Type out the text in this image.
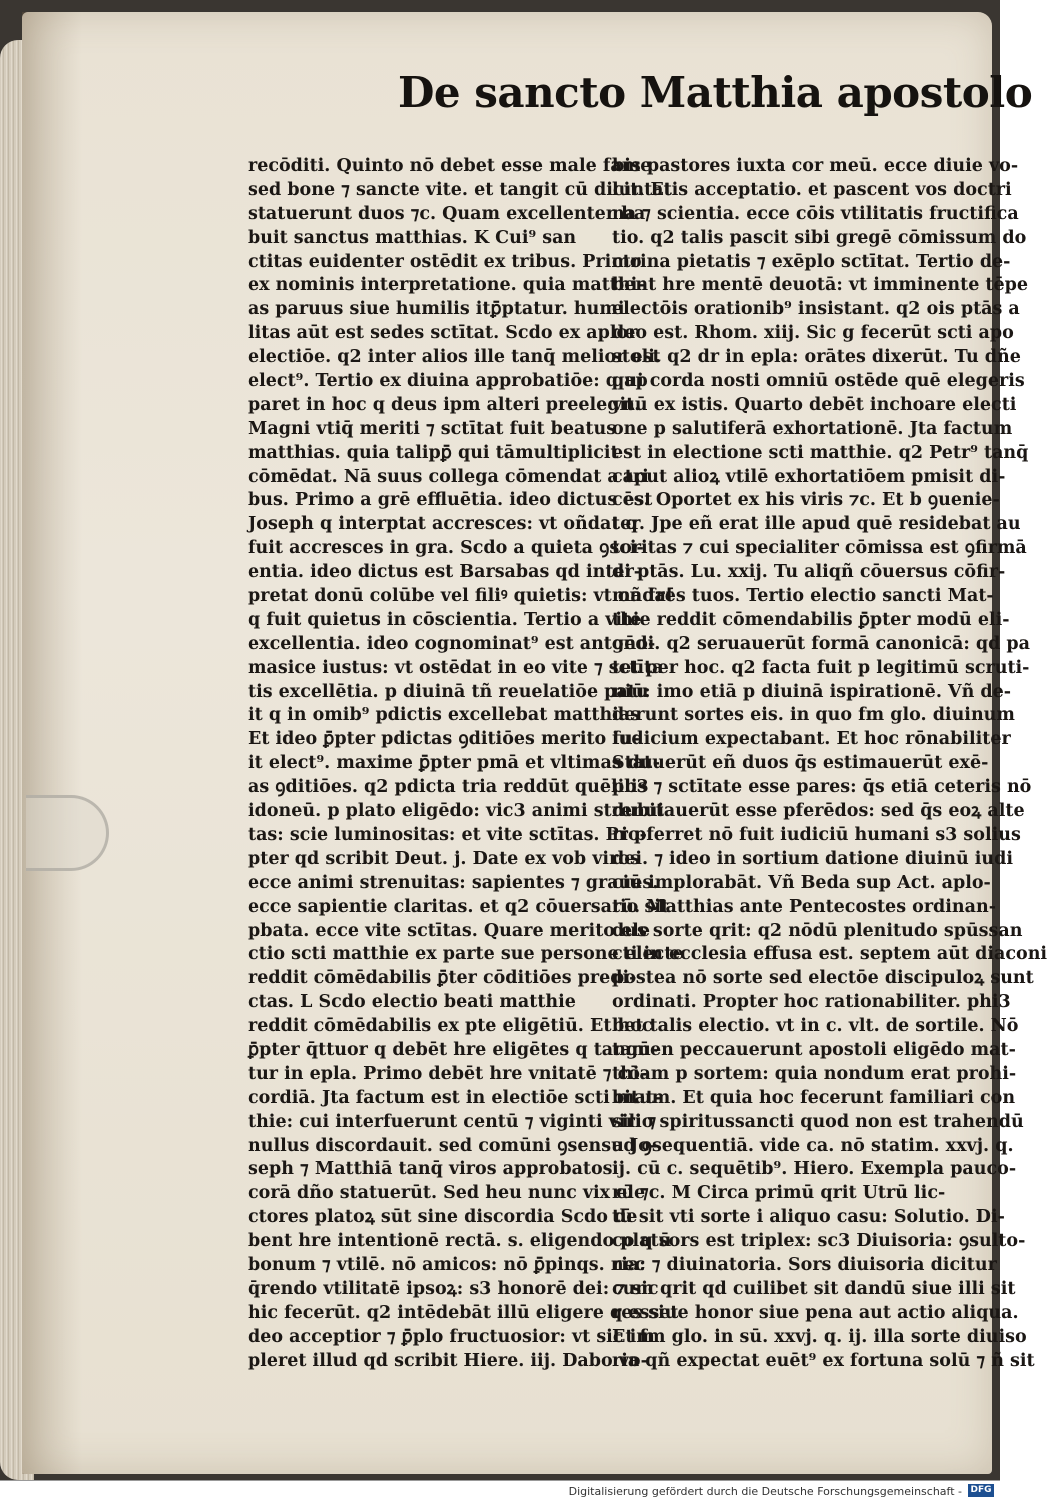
De sancto Matthia apostolo
recōditi. Quinto nō debet esse male fame
sed bone ⁊ sancte vite. et tangit cū dicit. Et
statuerunt duos ⁊c. Quam excellenter ha
buit sanctus matthias. K Cui⁹ san
ctitas euidenter ostēdit ex tribus. Primo
ex nominis interpretatione. quia matthi-
as paruus siue humilis itꝑ̄ptatur. humi
litas aūt est sedes sctītat. Scdo ex aplor
electiōe. q2 inter alios ille tanq̄ melior est
elect⁹. Tertio ex diuina approbatiōe: q ap
paret in hoc q deus ipm alteri preelegit.
Magni vtiq̄ meriti ⁊ sctītat fuit beatus
matthias. quia talipꝑ̄ qui tāmultiplicit
cōmēdat. Nā suus collega cōmendat a tri
bus. Primo a grē effluētia. ideo dictus est
Joseph q interptat accresces: vt oñdat q
fuit accresces in gra. Scdo a quieta ꝯsci-
entia. ideo dictus est Barsabas qd inter-
pretat donū colūbe vel filiꝰ quietis: vt oñdat
q fuit quietus in cōscientia. Tertio a vite
excellentia. ideo cognominat⁹ est antono-
masice iustus: vt ostēdat in eo vite ⁊ sctīta
tis excellētia. p diuinā tñ reuelatiōe patu
it q in omib⁹ pdictis excellebat matthias
Et ideo ꝑ̄pter pdictas ꝯditiōes merito fu-
it elect⁹. maxime ꝑ̄pter pmā et vltimas du-
as ꝯditiōes. q2 pdicta tria reddūt quēlib3
idoneū. p plato eligēdo: vic3 animi strenui
tas: scie luminositas: et vite sctītas. Pro-
pter qd scribit Deut. j. Date ex vob viros
ecce animi strenuitas: sapientes ⁊ graues.
ecce sapientie claritas. et q2 cōuersatio sit
pbata. ecce vite sctītas. Quare merito ele
ctio scti matthie ex parte sue persone electe
reddit cōmēdabilis ꝑ̄ter cōditiōes predi-
ctas. L Scdo electio beati matthie
reddit cōmēdabilis ex pte eligētiū. Et hoc
ꝑ̄pter q̄ttuor q debēt hre eligētes q tangū-
tur in epla. Primo debēt hre vnitatē ⁊ cō-
cordiā. Jta factum est in electiōe scti mat-
thie: cui interfuerunt centū ⁊ viginti viri ⁊
nullus discordauit. sed comūni ꝯsensu Jo-
seph ⁊ Matthiā tanq̄ viros approbatos
corā dño statuerūt. Sed heu nunc vix ele
ctores platoꝝ sūt sine discordia Scdo de
bent hre intentionē rectā. s. eligendo platū
bonum ⁊ vtilē. nō amicos: nō ꝑ̄pinqs. nec
q̄rendo vtilitatē ipsoꝝ: s3 honorē dei: ⁊ sic
hic fecerūt. q2 intēdebāt illū eligere q esset
deo acceptior ⁊ ꝑ̄plo fructuosior: vt sic im
pleret illud qd scribit Hiere. iij. Dabo vo-
bis pastores iuxta cor meū. ecce diuie vo-
luntatis acceptatio. et pascent vos doctri
na ⁊ scientia. ecce cōis vtilitatis fructifica
tio. q2 talis pascit sibi gregē cōmissum do
ctrina pietatis ⁊ exēplo sctītat. Tertio de-
bent hre mentē deuotā: vt imminente tēpe
electōis orationib⁹ insistant. q2 ois ptās a
deo est. Rhom. xiij. Sic g fecerūt scti apo
stoli. q2 dr in epla: orātes dixerūt. Tu dñe
qui corda nosti omniū ostēde quē elegeris
vnū ex istis. Quarto debēt inchoare electi
one p salutiferā exhortationē. Jta factum
est in electione scti matthie. q2 Petr⁹ tanq̄
caput alioꝝ vtilē exhortatiōem pmisit di-
cēs. Oportet ex his viris ⁊c. Et b ꝯuenie-
ter. Jpe eñ erat ille apud quē residebat au
toritas ⁊ cui specialiter cōmissa est ꝯfirmā
di ptās. Lu. xxij. Tu aliqñ cōuersus cōfir-
ma frēs tuos. Tertio electio sancti Mat-
thie reddit cōmendabilis ꝑ̄pter modū eli-
gēdi. q2 seruauerūt formā canonicā: qd pa
tet per hoc. q2 facta fuit p legitimū scruti-
niū: imo etiā p diuinā ispirationē. Vñ de-
derunt sortes eis. in quo fm glo. diuinum
iudicium expectabant. Et hoc rōnabiliter
Statuerūt eñ duos q̄s estimauerūt exē-
plis ⁊ sctītate esse pares: q̄s etiā ceteris nō
dubitauerūt esse pferēdos: sed q̄s eoꝝ alte
ri pferret nō fuit iudiciū humani s3 solius
dei. ⁊ ideo in sortium datione diuinū iudi
ciū implorabāt. Vñ Beda sup Act. aplo-
rū. Matthias ante Pentecostes ordinan-
dus sorte qrit: q2 nōdū plenitudo spūssan
cti in ecclesia effusa est. septem aūt diaconi
postea nō sorte sed electōe discipuloꝝ sunt
ordinati. Propter hoc rationabiliter. phi3
bet talis electio. vt in c. vlt. de sortile. Nō
tamen peccauerunt apostoli eligēdo mat-
thiam p sortem: quia nondum erat prohi-
bitum. Et quia hoc fecerunt familiari con
silio spiritussancti quod non est trahendū
ad ꝯsequentiā. vide ca. nō statim. xxvj. q.
ij. cū c. sequētib⁹. Hiero. Exempla pauco-
rū ⁊c. M Circa primū qrit Utrū lic-
tū sit vti sorte i aliquo casu: Solutio. Di-
co q sors est triplex: sc3 Diuisoria: ꝯsulto-
ria: ⁊ diuinatoria. Sors diuisoria dicitur
cum qrit qd cuilibet sit dandū siue illi sit
res siue honor siue pena aut actio aliqua.
Et fm glo. in sū. xxvj. q. ij. illa sorte diuiso
ria qñ expectat euēt⁹ ex fortuna solū ⁊ ñ sit
Digitalisierung gefördert durch die Deutsche Forschungsgemeinschaft - DFG
